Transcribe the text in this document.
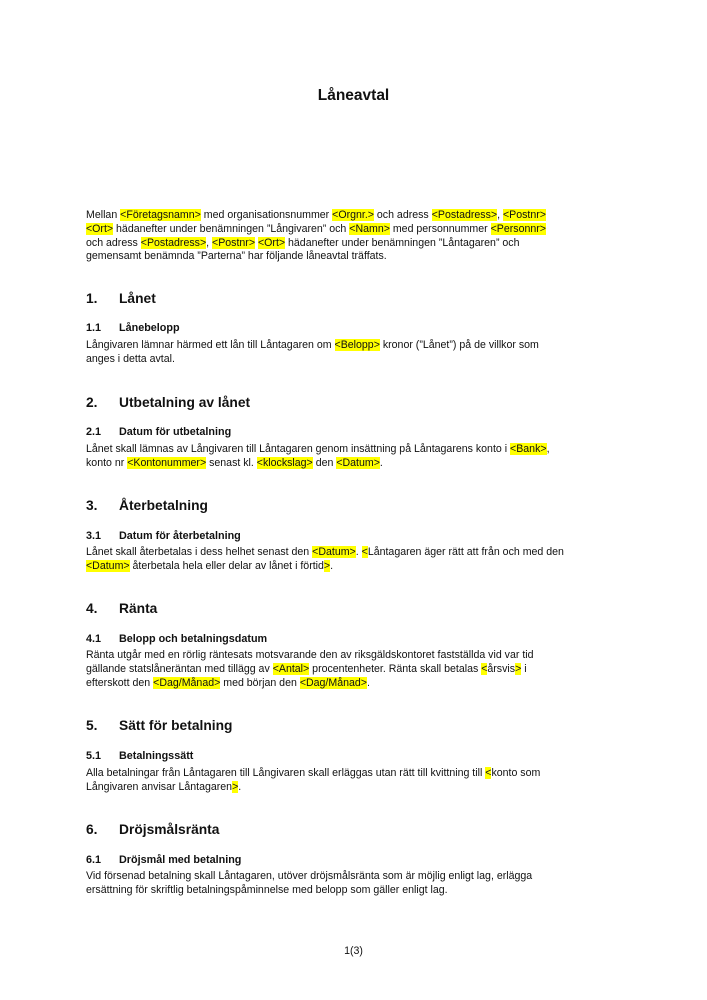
Låneavtal

Mellan <Företagsnamn> med organisationsnummer <Orgnr.> och adress <Postadress>, <Postnr>
<Ort> hädanefter under benämningen ”Långivaren” och <Namn> med personnummer <Personnr>
och adress <Postadress>, <Postnr> <Ort> hädanefter under benämningen ”Låntagaren” och
gemensamt benämnda ”Parterna” har följande låneavtal träffats.

1.	Lånet
1.1	Lånebelopp

Långivaren lämnar härmed ett lån till Låntagaren om <Belopp> kronor (”Lånet”) på de villkor som
anges i detta avtal.

2.	Utbetalning av lånet
2.1	Datum för utbetalning

Lånet skall lämnas av Långivaren till Låntagaren genom insättning på Låntagarens konto i <Bank>,
konto nr <Kontonummer> senast kl. <klockslag> den <Datum>.

3.	Återbetalning
3.1	Datum för återbetalning

Lånet skall återbetalas i dess helhet senast den <Datum>. <Låntagaren äger rätt att från och med den
<Datum> återbetala hela eller delar av lånet i förtid>.

4.	Ränta
4.1	Belopp och betalningsdatum

Ränta utgår med en rörlig räntesats motsvarande den av riksgäldskontoret fastställda vid var tid
gällande statslåneräntan med tillägg av <Antal> procentenheter. Ränta skall betalas <årsvis> i
efterskott den <Dag/Månad> med början den <Dag/Månad>.

5.	Sätt för betalning
5.1	Betalningssätt

Alla betalningar från Låntagaren till Långivaren skall erläggas utan rätt till kvittning till <konto som
Långivaren anvisar Låntagaren>.

6.	Dröjsmålsränta
6.1	Dröjsmål med betalning

Vid försenad betalning skall Låntagaren, utöver dröjsmålsränta som är möjlig enligt lag, erlägga
ersättning för skriftlig betalningspåminnelse med belopp som gäller enligt lag.

1(3)
